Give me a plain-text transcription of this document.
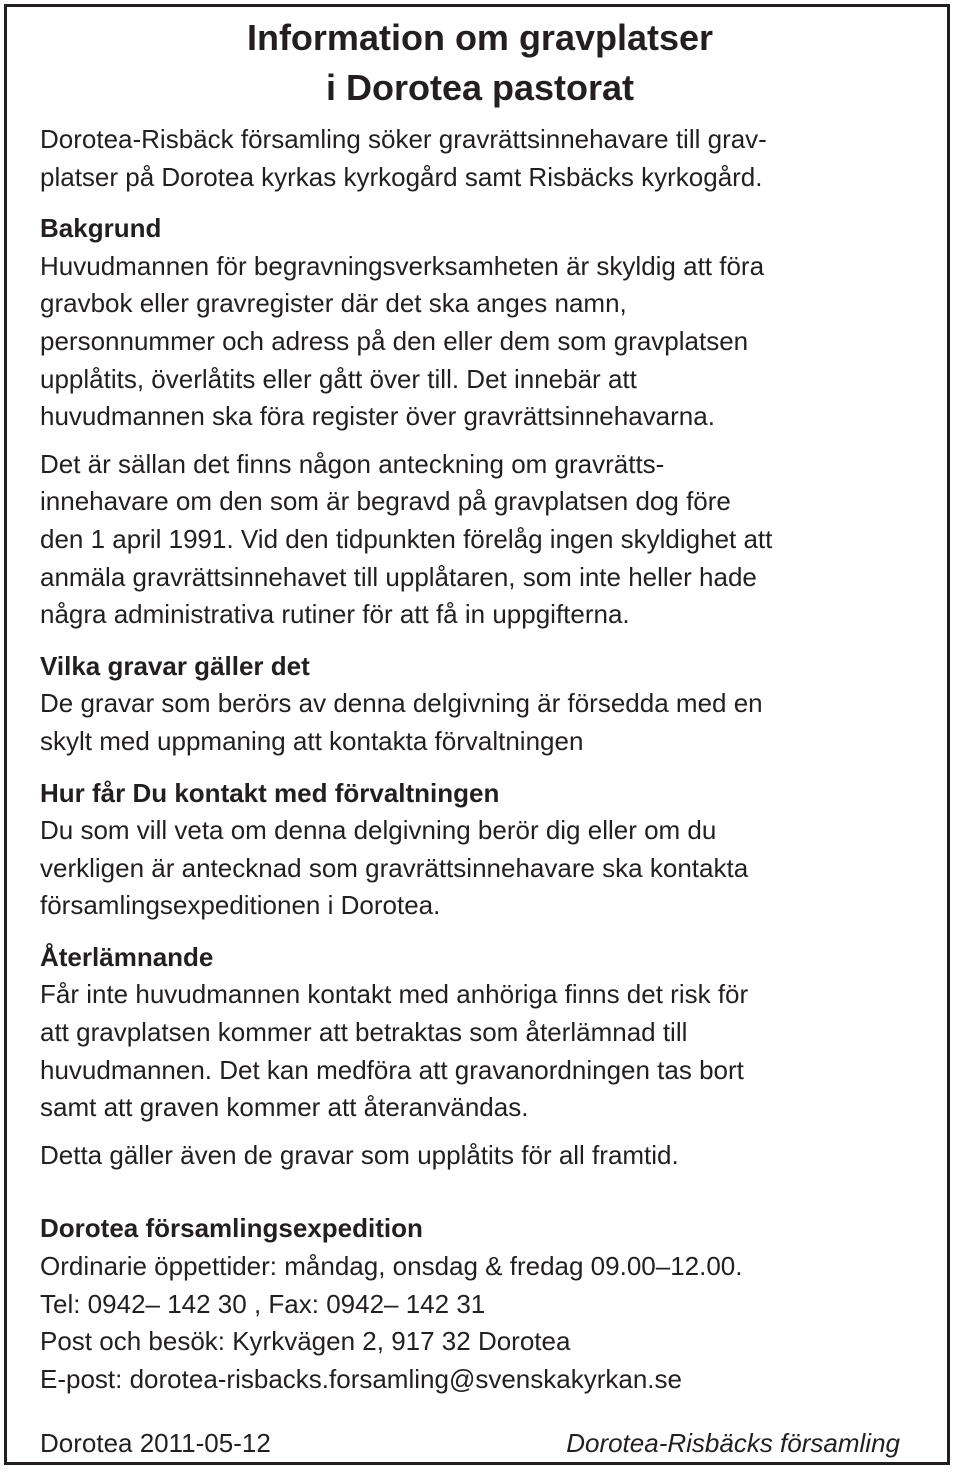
Information om gravplatser
i Dorotea pastorat

Dorotea-Risbäck församling söker gravrättsinnehavare till grav-

platser på Dorotea kyrkas kyrkogård samt Risbäcks kyrkogård.

Bakgrund

Huvudmannen för begravningsverksamheten är skyldig att föra

gravbok eller gravregister där det ska anges namn,

personnummer och adress på den eller dem som gravplatsen

upplåtits, överlåtits eller gått över till. Det innebär att

huvudmannen ska föra register över gravrättsinnehavarna.

Det är sällan det finns någon anteckning om gravrätts-

innehavare om den som är begravd på gravplatsen dog före

den 1 april 1991. Vid den tidpunkten förelåg ingen skyldighet att

anmäla gravrättsinnehavet till upplåtaren, som inte heller hade

några administrativa rutiner för att få in uppgifterna.

Vilka gravar gäller det

De gravar som berörs av denna delgivning är försedda med en

skylt med uppmaning att kontakta förvaltningen

Hur får Du kontakt med förvaltningen

Du som vill veta om denna delgivning berör dig eller om du

verkligen är antecknad som gravrättsinnehavare ska kontakta

församlingsexpeditionen i Dorotea.

Återlämnande

Får inte huvudmannen kontakt med anhöriga finns det risk för

att gravplatsen kommer att betraktas som återlämnad till

huvudmannen. Det kan medföra att gravanordningen tas bort

samt att graven kommer att återanvändas.

Detta gäller även de gravar som upplåtits för all framtid.

Dorotea församlingsexpedition

Ordinarie öppettider: måndag, onsdag & fredag 09.00–12.00.

Tel: 0942– 142 30 , Fax: 0942– 142 31

Post och besök: Kyrkvägen 2, 917 32 Dorotea

E-post: dorotea-risbacks.forsamling@svenskakyrkan.se

Dorotea 2011-05-12	Dorotea-Risbäcks församling
